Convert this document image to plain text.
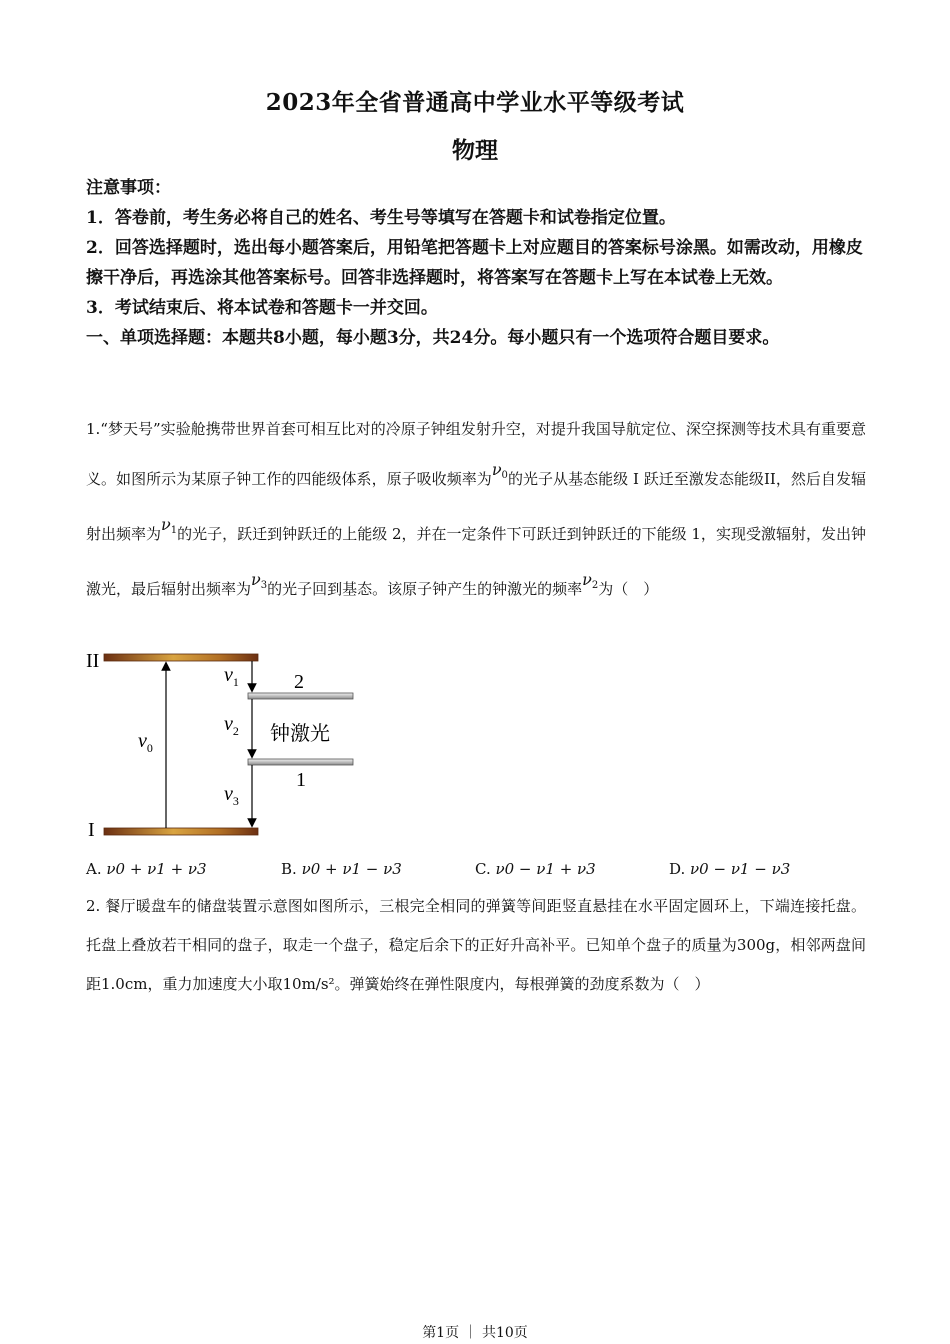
2023年全省普通高中学业水平等级考试
物理

注意事项：

1．答卷前，考生务必将自己的姓名、考生号等填写在答题卡和试卷指定位置。

2．回答选择题时，选出每小题答案后，用铅笔把答题卡上对应题目的答案标号涂黑。如需改动，用橡皮擦干净后，再选涂其他答案标号。回答非选择题时，将答案写在答题卡上写在本试卷上无效。

3．考试结束后、将本试卷和答题卡一并交回。

一、单项选择题：本题共8小题，每小题3分，共24分。每小题只有一个选项符合题目要求。

1.“梦天号”实验舱携带世界首套可相互比对的冷原子钟组发射升空，对提升我国导航定位、深空探测等技术具有重要意义。如图所示为某原子钟工作的四能级体系，原子吸收频率为$\nu_0$的光子从基态能级 I 跃迁至激发态能级II，然后自发辐射出频率为$\nu_1$的光子，跃迁到钟跃迁的上能级 2，并在一定条件下可跃迁到钟跃迁的下能级 1，实现受激辐射，发出钟激光，最后辐射出频率为$\nu_3$的光子回到基态。该原子钟产生的钟激光的频率$\nu_2$为（　）

II
I
2
1
$\nu_0$
$\nu_1$
$\nu_2$
$\nu_3$
钟激光
A. ν0 + ν1 + ν3	B. ν0 + ν1 − ν3	C. ν0 − ν1 + ν3	D. ν0 − ν1 − ν3

2. 餐厅暖盘车的储盘装置示意图如图所示，三根完全相同的弹簧等间距竖直悬挂在水平固定圆环上，下端连接托盘。托盘上叠放若干相同的盘子，取走一个盘子，稳定后余下的正好升高补平。已知单个盘子的质量为300g，相邻两盘间距1.0cm，重力加速度大小取10m/s²。弹簧始终在弹性限度内，每根弹簧的劲度系数为（　）

第1页 ｜ 共10页
